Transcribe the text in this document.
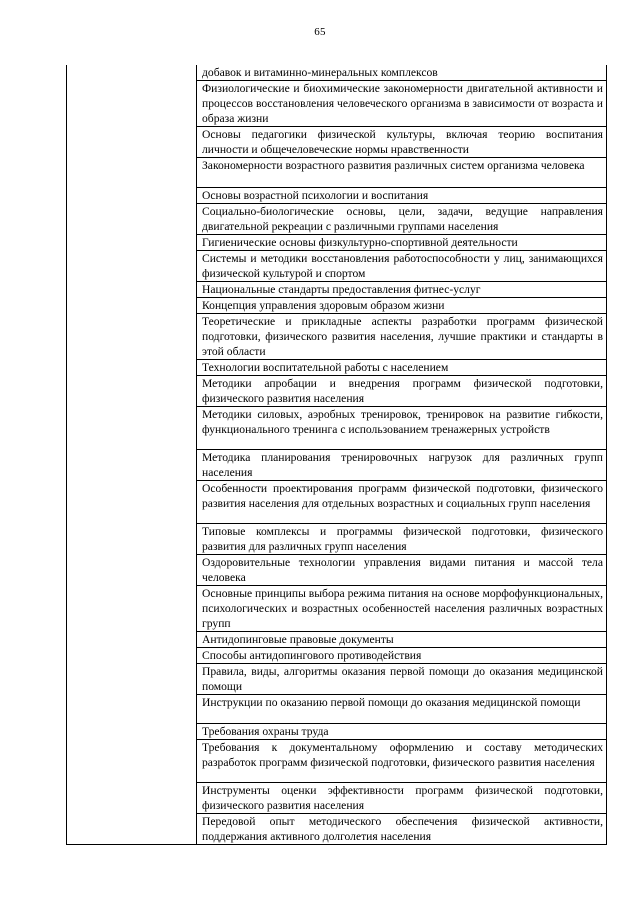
65
добавок и витаминно-минеральных комплексов
Физиологические и биохимические закономерности двигательной активности и процессов восстановления человеческого организма в зависимости от возраста и образа жизни
Основы педагогики физической культуры, включая теорию воспитания личности и общечеловеческие нормы нравственности
Закономерности возрастного развития различных систем организма человека
Основы возрастной психологии и воспитания
Социально-биологические основы, цели, задачи, ведущие направления двигательной рекреации с различными группами населения
Гигиенические основы физкультурно-спортивной деятельности
Системы и методики восстановления работоспособности у лиц, занимающихся физической культурой и спортом
Национальные стандарты предоставления фитнес-услуг
Концепция управления здоровым образом жизни
Теоретические и прикладные аспекты разработки программ физической подготовки, физического развития населения, лучшие практики и стандарты в этой области
Технологии воспитательной работы с населением
Методики апробации и внедрения программ физической подготовки, физического развития населения
Методики силовых, аэробных тренировок, тренировок на развитие гибкости, функционального тренинга с использованием тренажерных устройств
Методика планирования тренировочных нагрузок для различных групп населения
Особенности проектирования программ физической подготовки, физического развития населения для отдельных возрастных и социальных групп населения
Типовые комплексы и программы физической подготовки, физического развития для различных групп населения
Оздоровительные технологии управления видами питания и массой тела человека
Основные принципы выбора режима питания на основе морфофункциональных, психологических и возрастных особенностей населения различных возрастных групп
Антидопинговые правовые документы
Способы антидопингового противодействия
Правила, виды, алгоритмы оказания первой помощи до оказания медицинской помощи
Инструкции по оказанию первой помощи до оказания медицинской помощи
Требования охраны труда
Требования к документальному оформлению и составу методических разработок программ физической подготовки, физического развития населения
Инструменты оценки эффективности программ физической подготовки, физического развития населения
Передовой опыт методического обеспечения физической активности, поддержания активного долголетия населения
